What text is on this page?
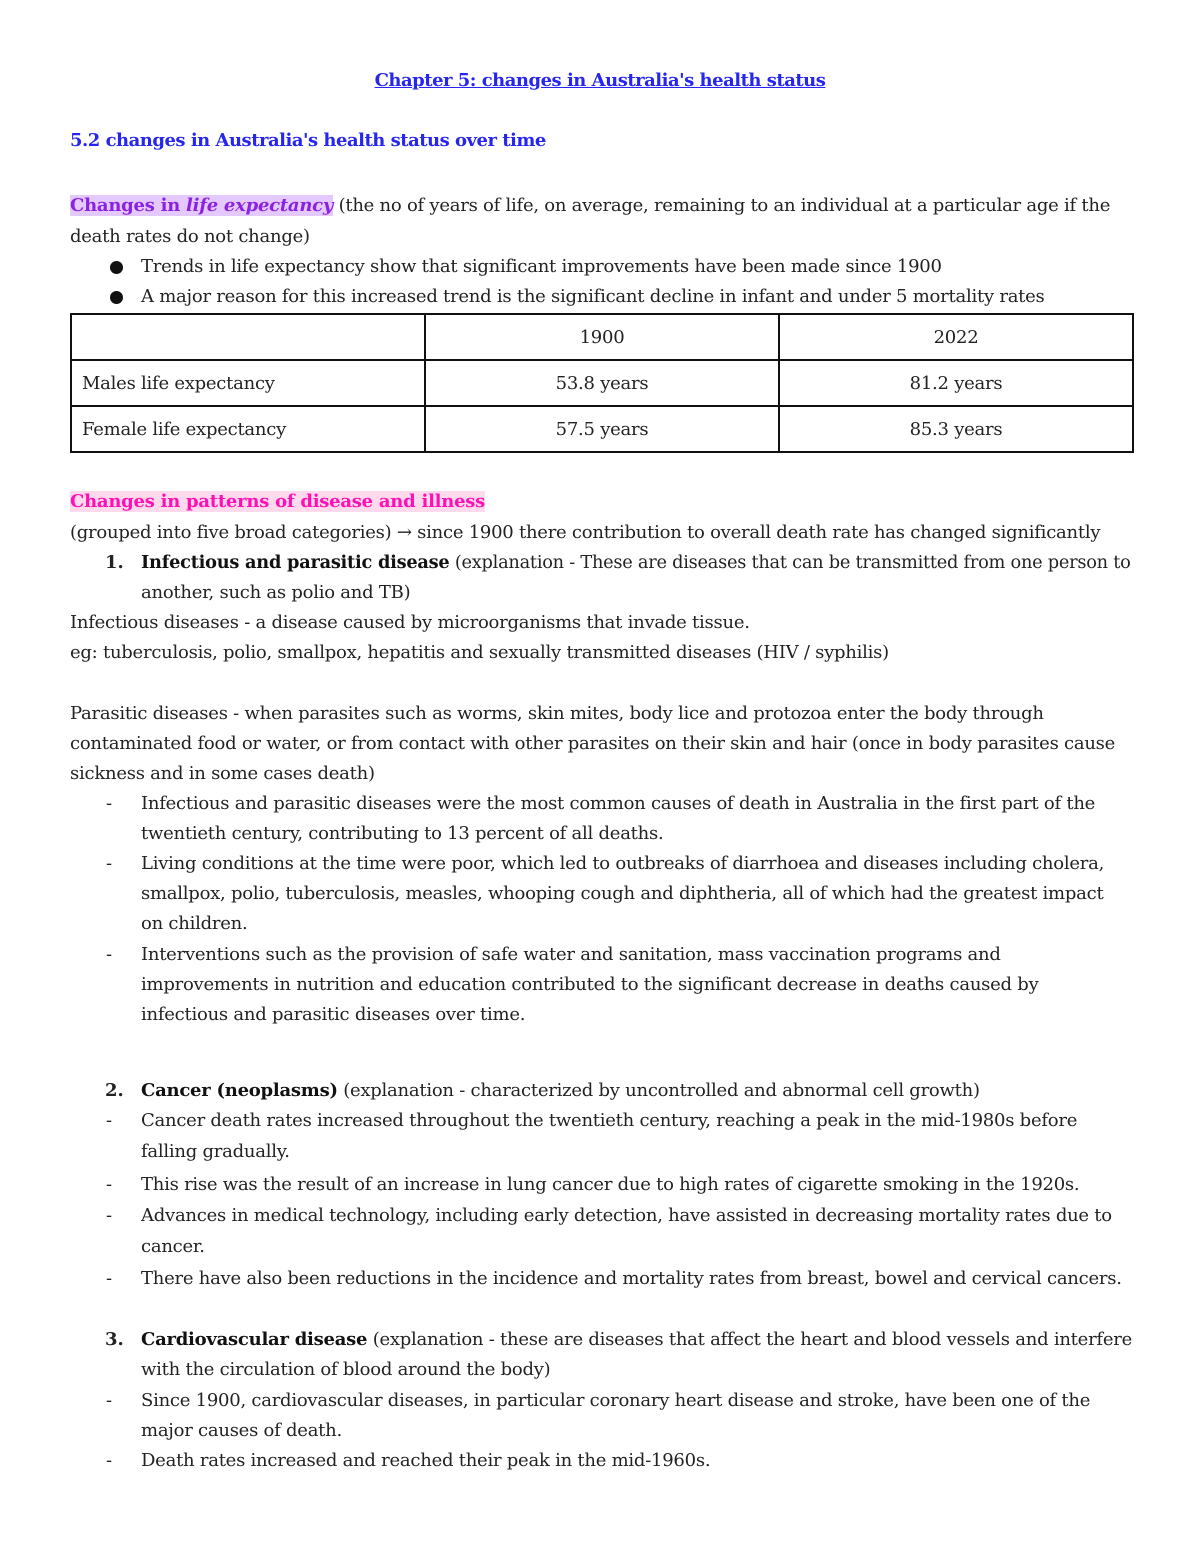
Chapter 5: changes in Australia's health status
5.2 changes in Australia's health status over time
Changes in life expectancy (the no of years of life, on average, remaining to an individual at a particular age if the
death rates do not change)
Trends in life expectancy show that significant improvements have been made since 1900
A major reason for this increased trend is the significant decline in infant and under 5 mortality rates
	1900	2022
Males life expectancy	53.8 years	81.2 years
Female life expectancy	57.5 years	85.3 years
Changes in patterns of disease and illness
(grouped into five broad categories) → since 1900 there contribution to overall death rate has changed significantly
1. Infectious and parasitic disease (explanation - These are diseases that can be transmitted from one person to
another, such as polio and TB)
Infectious diseases - a disease caused by microorganisms that invade tissue.
eg: tuberculosis, polio, smallpox, hepatitis and sexually transmitted diseases (HIV / syphilis)
Parasitic diseases - when parasites such as worms, skin mites, body lice and protozoa enter the body through
contaminated food or water, or from contact with other parasites on their skin and hair (once in body parasites cause
sickness and in some cases death)
- Infectious and parasitic diseases were the most common causes of death in Australia in the first part of the
twentieth century, contributing to 13 percent of all deaths.
- Living conditions at the time were poor, which led to outbreaks of diarrhoea and diseases including cholera,
smallpox, polio, tuberculosis, measles, whooping cough and diphtheria, all of which had the greatest impact
on children.
- Interventions such as the provision of safe water and sanitation, mass vaccination programs and
improvements in nutrition and education contributed to the significant decrease in deaths caused by
infectious and parasitic diseases over time.
2. Cancer (neoplasms) (explanation - characterized by uncontrolled and abnormal cell growth)
- Cancer death rates increased throughout the twentieth century, reaching a peak in the mid-1980s before
falling gradually.
- This rise was the result of an increase in lung cancer due to high rates of cigarette smoking in the 1920s.
- Advances in medical technology, including early detection, have assisted in decreasing mortality rates due to
cancer.
- There have also been reductions in the incidence and mortality rates from breast, bowel and cervical cancers.
3. Cardiovascular disease (explanation - these are diseases that affect the heart and blood vessels and interfere
with the circulation of blood around the body)
- Since 1900, cardiovascular diseases, in particular coronary heart disease and stroke, have been one of the
major causes of death.
- Death rates increased and reached their peak in the mid-1960s.
